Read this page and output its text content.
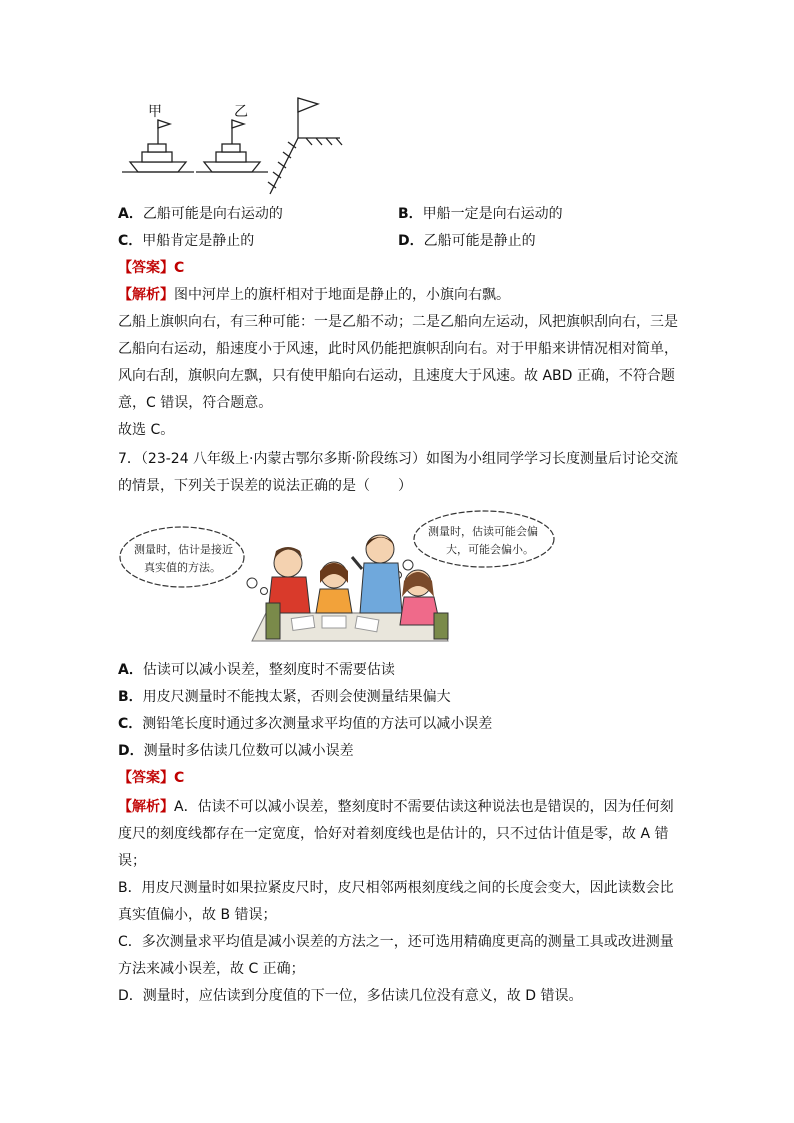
甲	乙
A．乙船可能是向右运动的	B．甲船一定是向右运动的
C．甲船肯定是静止的	D．乙船可能是静止的
【答案】C
【解析】图中河岸上的旗杆相对于地面是静止的，小旗向右飘。
乙船上旗帜向右，有三种可能：一是乙船不动；二是乙船向左运动，风把旗帜刮向右，三是
乙船向右运动，船速度小于风速，此时风仍能把旗帜刮向右。对于甲船来讲情况相对简单，
风向右刮，旗帜向左飘，只有使甲船向右运动，且速度大于风速。故 ABD 正确，不符合题
意，C 错误，符合题意。
故选 C。
7．（23-24 八年级上·内蒙古鄂尔多斯·阶段练习）如图为小组同学学习长度测量后讨论交流
的情景，下列关于误差的说法正确的是（　　）
测量时，估计是接近
真实值的方法。
测量时，估读可能会偏
大，可能会偏小。
A．估读可以减小误差，整刻度时不需要估读
B．用皮尺测量时不能拽太紧，否则会使测量结果偏大
C．测铅笔长度时通过多次测量求平均值的方法可以减小误差
D．测量时多估读几位数可以减小误差
【答案】C
【解析】A．估读不可以减小误差，整刻度时不需要估读这种说法也是错误的，因为任何刻
度尺的刻度线都存在一定宽度，恰好对着刻度线也是估计的，只不过估计值是零，故 A 错
误；
B．用皮尺测量时如果拉紧皮尺时，皮尺相邻两根刻度线之间的长度会变大，因此读数会比
真实值偏小，故 B 错误；
C．多次测量求平均值是减小误差的方法之一，还可选用精确度更高的测量工具或改进测量
方法来减小误差，故 C 正确；
D．测量时，应估读到分度值的下一位，多估读几位没有意义，故 D 错误。
